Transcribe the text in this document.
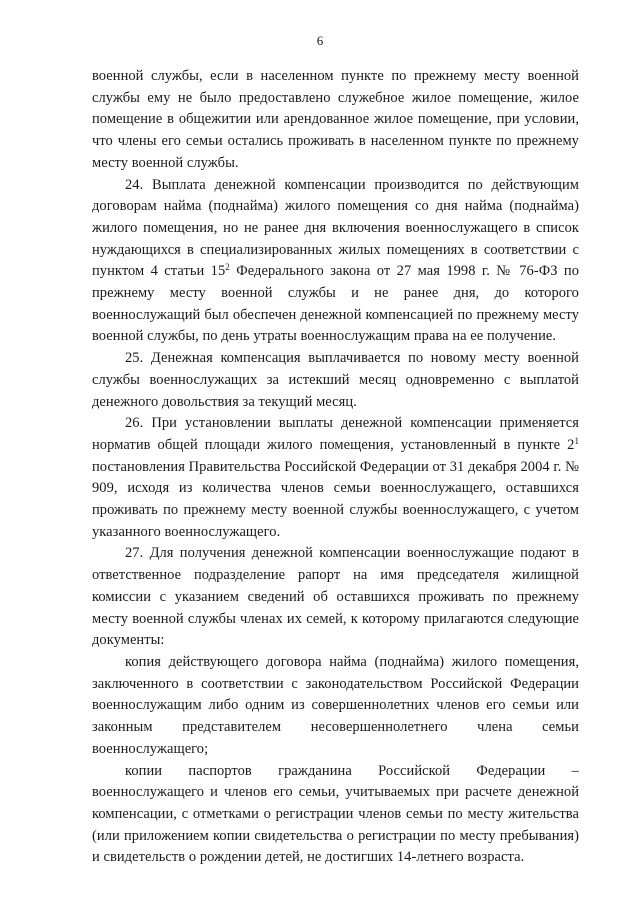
6

военной службы, если в населенном пункте по прежнему месту военной службы ему не было предоставлено служебное жилое помещение, жилое помещение в общежитии или арендованное жилое помещение, при условии, что члены его семьи остались проживать в населенном пункте по прежнему месту военной службы.

24. Выплата денежной компенсации производится по действующим договорам найма (поднайма) жилого помещения со дня найма (поднайма) жилого помещения, но не ранее дня включения военнослужащего в список нуждающихся в специализированных жилых помещениях в соответствии с пунктом 4 статьи $15^2$ Федерального закона от 27 мая 1998 г. № 76-ФЗ по прежнему месту военной службы и не ранее дня, до которого военнослужащий был обеспечен денежной компенсацией по прежнему месту военной службы, по день утраты военнослужащим права на ее получение.

25. Денежная компенсация выплачивается по новому месту военной службы военнослужащих за истекший месяц одновременно с выплатой денежного довольствия за текущий месяц.

26. При установлении выплаты денежной компенсации применяется норматив общей площади жилого помещения, установленный в пункте $2^1$ постановления Правительства Российской Федерации от 31 декабря 2004 г. № 909, исходя из количества членов семьи военнослужащего, оставшихся проживать по прежнему месту военной службы военнослужащего, с учетом указанного военнослужащего.

27. Для получения денежной компенсации военнослужащие подают в ответственное подразделение рапорт на имя председателя жилищной комиссии с указанием сведений об оставшихся проживать по прежнему месту военной службы членах их семей, к которому прилагаются следующие документы:

копия действующего договора найма (поднайма) жилого помещения, заключенного в соответствии с законодательством Российской Федерации военнослужащим либо одним из совершеннолетних членов его семьи или законным представителем несовершеннолетнего члена семьи военнослужащего;

копии паспортов гражданина Российской Федерации –

военнослужащего и членов его семьи, учитываемых при расчете денежной компенсации, с отметками о регистрации членов семьи по месту жительства (или приложением копии свидетельства о регистрации по месту пребывания) и свидетельств о рождении детей, не достигших 14-летнего возраста.
